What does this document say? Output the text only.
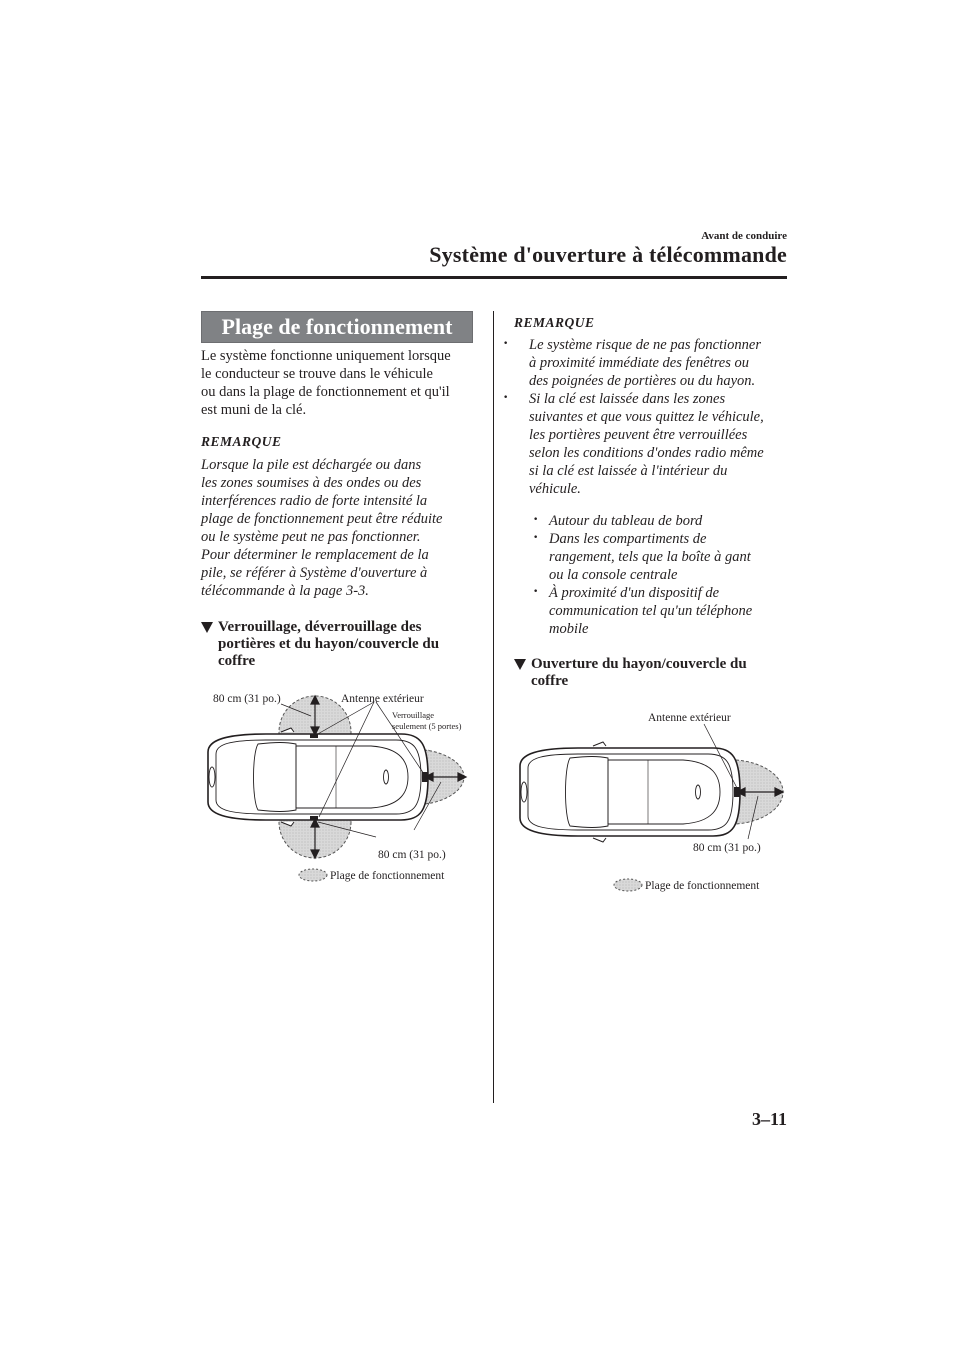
Avant de conduire
Système d'ouverture à télécommande
Plage de fonctionnement
Le système fonctionne uniquement lorsque
le conducteur se trouve dans le véhicule
ou dans la plage de fonctionnement et qu'il
est muni de la clé.
REMARQUE
Lorsque la pile est déchargée ou dans
les zones soumises à des ondes ou des
interférences radio de forte intensité la
plage de fonctionnement peut être réduite
ou le système peut ne pas fonctionner.
Pour déterminer le remplacement de la
pile, se référer à Système d'ouverture à
télécommande à la page 3-3.
Verrouillage, déverrouillage des
portières et du hayon/couvercle du
coffre
80 cm (31 po.)	Antenne extérieur
Verrouillage
seulement (5 portes)
80 cm (31 po.)
Plage de fonctionnement
REMARQUE
· Le système risque de ne pas fonctionner
à proximité immédiate des fenêtres ou
des poignées de portières ou du hayon.
· Si la clé est laissée dans les zones
suivantes et que vous quittez le véhicule,
les portières peuvent être verrouillées
selon les conditions d'ondes radio même
si la clé est laissée à l'intérieur du
véhicule.
· Autour du tableau de bord
· Dans les compartiments de
rangement, tels que la boîte à gant
ou la console centrale
· À proximité d'un dispositif de
communication tel qu'un téléphone
mobile
Ouverture du hayon/couvercle du
coffre
Antenne extérieur
80 cm (31 po.)
Plage de fonctionnement
3–11
